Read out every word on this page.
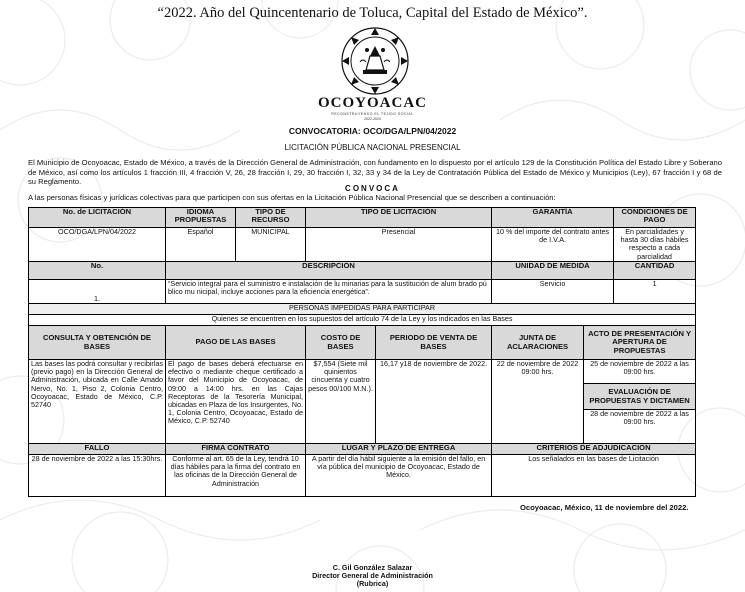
“2022. Año del Quincentenario de Toluca, Capital del Estado de México”.
OCOYOACAC
RECONSTRUYENDO EL TEJIDO SOCIAL
2022-2024
CONVOCATORIA: OCO/DGA/LPN/04/2022
LICITACIÓN PÚBLICA NACIONAL PRESENCIAL
El Municipio de Ocoyoacac, Estado de México, a través de la Dirección General de Administración, con fundamento en lo dispuesto por el artículo 129 de la Constitución Política del Estado Libre y Soberano de México, así como los artículos 1 fracción III, 4 fracción V, 26, 28 fracción I, 29, 30 fracción I, 32, 33 y 34 de la Ley de Contratación Pública del Estado de México y Municipios (Ley), 67 fracción I y 68 de su Reglamento.
CONVOCA
A las personas físicas y jurídicas colectivas para que participen con sus ofertas en la Licitación Pública Nacional Presencial que se describen a continuación:
No. de LICITACIÓN	IDIOMA PROPUESTAS	TIPO DE RECURSO	TIPO DE LICITACIÓN		GARANTÍA		CONDICIONES DE PAGO
OCO/DGA/LPN/04/2022	Español	MUNICIPAL	Presencial		10 % del importe del contrato antes de I.V.A.		En parcialidades y hasta 30 días hábiles respecto a cada parcialidad
No.	DESCRIPCIÓN				UNIDAD DE MEDIDA		CANTIDAD
1.	“Servicio integral para el suministro e instalación de lu minarias para la sustitución de alum brado pú blico mu nicipal, incluye acciones para la eficiencia energética”.				Servicio		1
PERSONAS IMPEDIDAS PARA PARTICIPAR							
Quienes se encuentren en los supuestos del artículo 74 de la Ley y los indicados en las Bases							
CONSULTA Y OBTENCIÓN DE BASES	PAGO DE LAS BASES		COSTO DE BASES	PERIODO DE VENTA DE BASES	JUNTA DE ACLARACIONES	ACTO DE PRESENTACIÓN Y APERTURA DE PROPUESTAS	
Las bases las podrá consultar y recibirlas (previo pago) en la Dirección General de Administración, ubicada en Calle Amado Nervo, No. 1, Piso 2, Colonia Centro, Ocoyoacac, Estado de México, C.P. 52740	El pago de bases deberá efectuarse en efectivo o mediante cheque certificado a favor del Municipio de Ocoyoacac, de 09:00 a 14:00 hrs. en las Cajas Receptoras de la Tesorería Municipal, ubicadas en Plaza de los Insurgentes, No. 1, Colonia Centro, Ocoyoacac, Estado de México, C.P. 52740		$7,554 (Siete mil quinientos cincuenta y cuatro pesos 00/100 M.N.).	16,17 y18 de noviembre de 2022.	22 de noviembre de 2022 09:00 hrs.	25 de noviembre de 2022 a las 09:00 hrs.	
						EVALUACIÓN DE PROPUESTAS Y DICTAMEN	
						28 de noviembre de 2022 a las 09:00 hrs.	
FALLO	FIRMA CONTRATO		LUGAR Y PLAZO DE ENTREGA		CRITERIOS DE ADJUDICACIÓN		
28 de noviembre de 2022 a las 15:30hrs.	Conforme al art. 65 de la Ley, tendrá 10 días hábiles para la firma del contrato en las oficinas de la Dirección General de Administración		A partir del día hábil siguiente a la emisión del fallo, en vía pública del municipio de Ocoyoacac, Estado de México.		Los señalados en las bases de Licitación		
Ocoyoacac, México, 11 de noviembre del 2022.
C. Gil González Salazar
Director General de Administración
(Rubrica)
